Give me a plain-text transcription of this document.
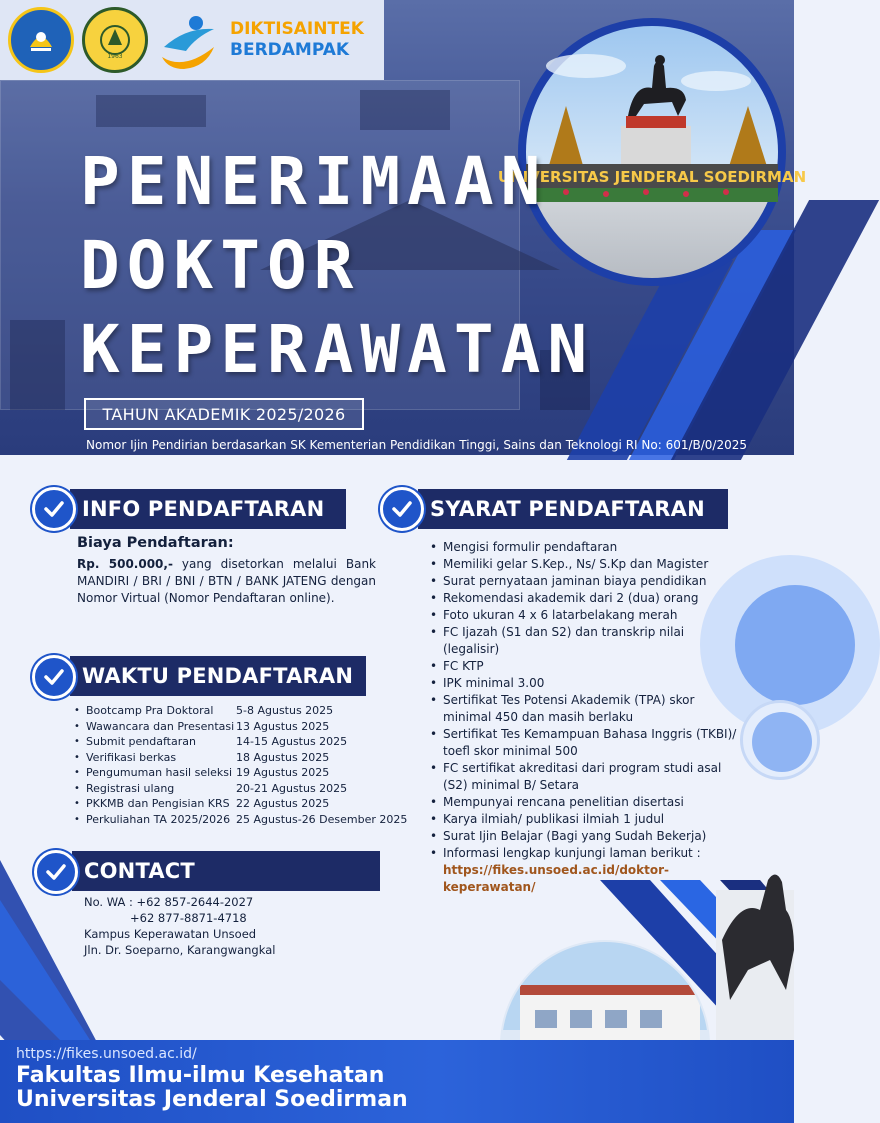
1963
DIKTISAINTEK
BERDAMPAK
UNIVERSITAS JENDERAL SOEDIRMAN
PENERIMAAN
DOKTOR
KEPERAWATAN
TAHUN AKADEMIK 2025/2026
Nomor Ijin Pendirian berdasarkan SK Kementerian Pendidikan Tinggi, Sains dan Teknologi RI No: 601/B/0/2025
INFO PENDAFTARAN
Biaya Pendaftaran:
Rp. 500.000,- yang disetorkan melalui Bank MANDIRI / BRI / BNI / BTN / BANK JATENG dengan Nomor Virtual (Nomor Pendaftaran online).
WAKTU PENDAFTARAN
• Bootcamp Pra Doktoral	5-8 Agustus 2025
• Wawancara dan Presentasi 13 Agustus 2025
• Submit pendaftaran	14-15 Agustus 2025
• Verifikasi berkas	18 Agustus 2025
• Pengumuman hasil seleksi 19 Agustus 2025
• Registrasi ulang	20-21 Agustus 2025
• PKKMB dan Pengisian KRS 22 Agustus 2025
• Perkuliahan TA 2025/2026 25 Agustus-26 Desember 2025
SYARAT PENDAFTARAN
• Mengisi formulir pendaftaran
• Memiliki gelar S.Kep., Ns/ S.Kp dan Magister
• Surat pernyataan jaminan biaya pendidikan
• Rekomendasi akademik dari 2 (dua) orang
• Foto ukuran 4 x 6 latarbelakang merah
• FC Ijazah (S1 dan S2) dan transkrip nilai (legalisir)
• FC KTP
• IPK minimal 3.00
• Sertifikat Tes Potensi Akademik (TPA) skor minimal 450 dan masih berlaku
• Sertifikat Tes Kemampuan Bahasa Inggris (TKBI)/ toefl skor minimal 500
• FC sertifikat akreditasi dari program studi asal (S2) minimal B/ Setara
• Mempunyai rencana penelitian disertasi
• Karya ilmiah/ publikasi ilmiah 1 judul
• Surat Ijin Belajar (Bagi yang Sudah Bekerja)
• Informasi lengkap kunjungi laman berikut :
https://fikes.unsoed.ac.id/doktor-keperawatan/
CONTACT
No. WA : +62 857-2644-2027
+62 877-8871-4718
Kampus Keperawatan Unsoed
Jln. Dr. Soeparno, Karangwangkal
https://fikes.unsoed.ac.id/
Fakultas Ilmu-ilmu Kesehatan
Universitas Jenderal Soedirman
